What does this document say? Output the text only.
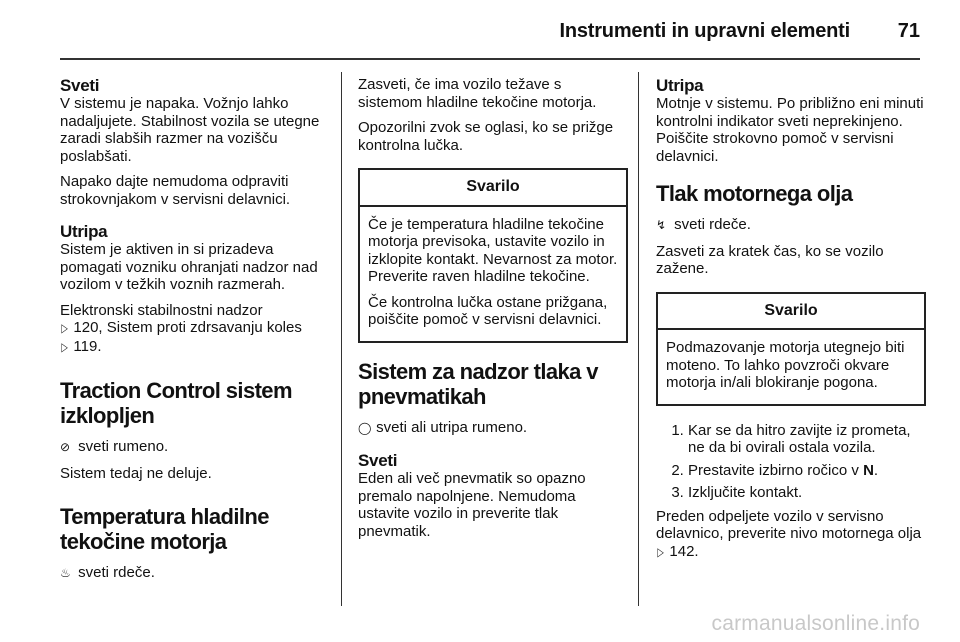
Instrumenti in upravni elementi 71
Sveti

V sistemu je napaka. Vožnjo lahko nadaljujete. Stabilnost vozila se utegne zaradi slabših razmer na vozišču poslabšati.

Napako dajte nemudoma odpraviti strokovnjakom v servisni delavnici.

Utripa

Sistem je aktiven in si prizadeva pomagati vozniku ohranjati nadzor nad vozilom v težkih voznih razmerah.

Elektronski stabilnostni nadzor
▷ 120, Sistem proti zdrsavanju koles
▷ 119.

Traction Control sistem izklopljen

⊘ sveti rumeno.

Sistem tedaj ne deluje.

Temperatura hladilne tekočine motorja

♨ sveti rdeče.

Zasveti, če ima vozilo težave s sistemom hladilne tekočine motorja.

Opozorilni zvok se oglasi, ko se prižge kontrolna lučka.

Svarilo

Če je temperatura hladilne tekočine motorja previsoka, ustavite vozilo in izklopite kontakt. Nevarnost za motor. Preverite raven hladilne tekočine.

Če kontrolna lučka ostane prižgana, poiščite pomoč v servisni delavnici.

Sistem za nadzor tlaka v pnevmatikah

◯ sveti ali utripa rumeno.

Sveti

Eden ali več pnevmatik so opazno premalo napolnjene. Nemudoma ustavite vozilo in preverite tlak pnevmatik.

Utripa

Motnje v sistemu. Po približno eni minuti kontrolni indikator sveti neprekinjeno. Poiščite strokovno pomoč v servisni delavnici.

Tlak motornega olja

↯ sveti rdeče.

Zasveti za kratek čas, ko se vozilo zažene.

Svarilo

Podmazovanje motorja utegnejo biti moteno. To lahko povzroči okvare motorja in/ali blokiranje pogona.

1. Kar se da hitro zavijte iz prometa, ne da bi ovirali ostala vozila.
2. Prestavite izbirno ročico v N.
3. Izključite kontakt.

Preden odpeljete vozilo v servisno delavnico, preverite nivo motornega olja ▷ 142.

carmanualsonline.info
